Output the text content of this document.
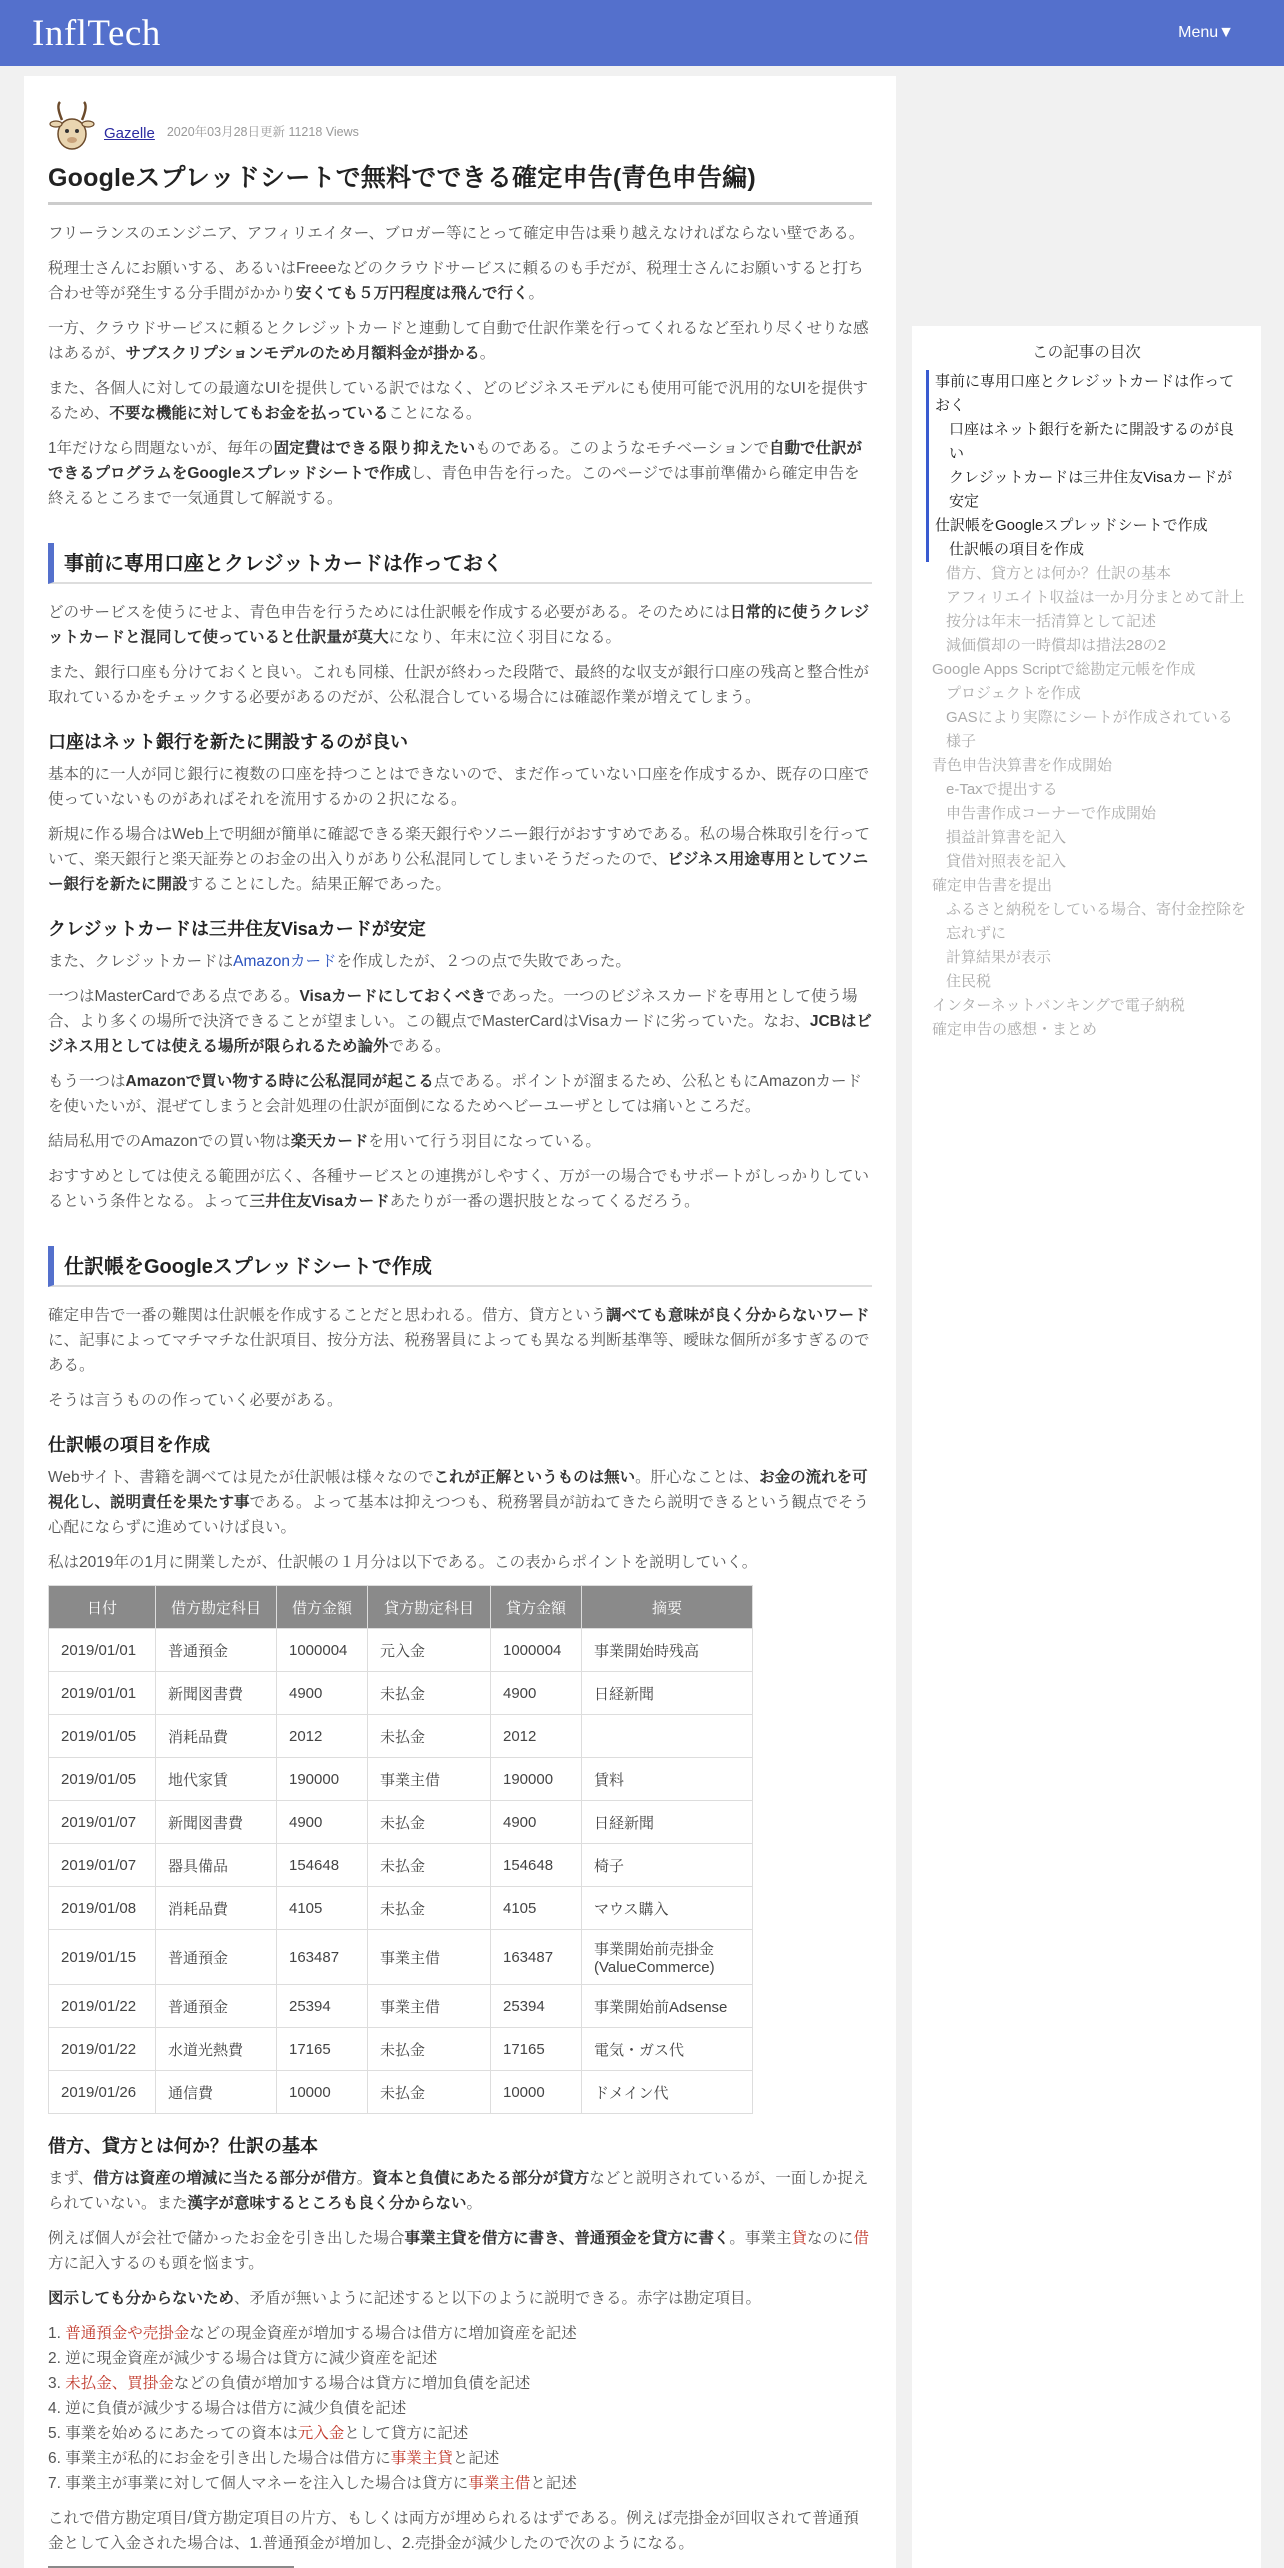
InflTech	Menu▼
Gazelle 2020年03月28日更新 11218 Views
Googleスプレッドシートで無料でできる確定申告(青色申告編)

フリーランスのエンジニア、アフィリエイター、ブロガー等にとって確定申告は乗り越えなければならない壁である。

税理士さんにお願いする、あるいはFreeeなどのクラウドサービスに頼るのも手だが、税理士さんにお願いすると打ち合わせ等が発生する分手間がかかり安くても５万円程度は飛んで行く。

一方、クラウドサービスに頼るとクレジットカードと連動して自動で仕訳作業を行ってくれるなど至れり尽くせりな感はあるが、サブスクリプションモデルのため月額料金が掛かる。

また、各個人に対しての最適なUIを提供している訳ではなく、どのビジネスモデルにも使用可能で汎用的なUIを提供するため、不要な機能に対してもお金を払っていることになる。

1年だけなら問題ないが、毎年の固定費はできる限り抑えたいものである。このようなモチベーションで自動で仕訳ができるプログラムをGoogleスプレッドシートで作成し、青色申告を行った。このページでは事前準備から確定申告を終えるところまで一気通貫して解説する。

事前に専用口座とクレジットカードは作っておく

どのサービスを使うにせよ、青色申告を行うためには仕訳帳を作成する必要がある。そのためには日常的に使うクレジットカードと混同して使っていると仕訳量が莫大になり、年末に泣く羽目になる。

また、銀行口座も分けておくと良い。これも同様、仕訳が終わった段階で、最終的な収支が銀行口座の残高と整合性が取れているかをチェックする必要があるのだが、公私混合している場合には確認作業が増えてしまう。

口座はネット銀行を新たに開設するのが良い

基本的に一人が同じ銀行に複数の口座を持つことはできないので、まだ作っていない口座を作成するか、既存の口座で使っていないものがあればそれを流用するかの２択になる。

新規に作る場合はWeb上で明細が簡単に確認できる楽天銀行やソニー銀行がおすすめである。私の場合株取引を行っていて、楽天銀行と楽天証券とのお金の出入りがあり公私混同してしまいそうだったので、ビジネス用途専用としてソニー銀行を新たに開設することにした。結果正解であった。

クレジットカードは三井住友Visaカードが安定

また、クレジットカードはAmazonカードを作成したが、２つの点で失敗であった。

一つはMasterCardである点である。Visaカードにしておくべきであった。一つのビジネスカードを専用として使う場合、より多くの場所で決済できることが望ましい。この観点でMasterCardはVisaカードに劣っていた。なお、JCBはビジネス用としては使える場所が限られるため論外である。

もう一つはAmazonで買い物する時に公私混同が起こる点である。ポイントが溜まるため、公私ともにAmazonカードを使いたいが、混ぜてしまうと会計処理の仕訳が面倒になるためヘビーユーザとしては痛いところだ。

結局私用でのAmazonでの買い物は楽天カードを用いて行う羽目になっている。

おすすめとしては使える範囲が広く、各種サービスとの連携がしやすく、万が一の場合でもサポートがしっかりしているという条件となる。よって三井住友Visaカードあたりが一番の選択肢となってくるだろう。

仕訳帳をGoogleスプレッドシートで作成

確定申告で一番の難関は仕訳帳を作成することだと思われる。借方、貸方という調べても意味が良く分からないワードに、記事によってマチマチな仕訳項目、按分方法、税務署員によっても異なる判断基準等、曖昧な個所が多すぎるのである。

そうは言うものの作っていく必要がある。

仕訳帳の項目を作成

Webサイト、書籍を調べては見たが仕訳帳は様々なのでこれが正解というものは無い。肝心なことは、お金の流れを可視化し、説明責任を果たす事である。よって基本は抑えつつも、税務署員が訪ねてきたら説明できるという観点でそう心配にならずに進めていけば良い。

私は2019年の1月に開業したが、仕訳帳の１月分は以下である。この表からポイントを説明していく。

日付	借方勘定科目	借方金額	貸方勘定科目	貸方金額	摘要
2019/01/01	普通預金	1000004	元入金	1000004	事業開始時残高
2019/01/01	新聞図書費	4900	未払金	4900	日経新聞
2019/01/05	消耗品費	2012	未払金	2012	
2019/01/05	地代家賃	190000	事業主借	190000	賃料
2019/01/07	新聞図書費	4900	未払金	4900	日経新聞
2019/01/07	器具備品	154648	未払金	154648	椅子
2019/01/08	消耗品費	4105	未払金	4105	マウス購入
2019/01/15	普通預金	163487	事業主借	163487	事業開始前売掛金(ValueCommerce)
2019/01/22	普通預金	25394	事業主借	25394	事業開始前Adsense
2019/01/22	水道光熱費	17165	未払金	17165	電気・ガス代
2019/01/26	通信費	10000	未払金	10000	ドメイン代
借方、貸方とは何か？仕訳の基本

まず、借方は資産の増減に当たる部分が借方。資本と負債にあたる部分が貸方などと説明されているが、一面しか捉えられていない。また漢字が意味するところも良く分からない。

例えば個人が会社で儲かったお金を引き出した場合事業主貸を借方に書き、普通預金を貸方に書く。事業主貸なのに借方に記入するのも頭を悩ます。

図示しても分からないため、矛盾が無いように記述すると以下のように説明できる。赤字は勘定項目。

1. 普通預金や売掛金などの現金資産が増加する場合は借方に増加資産を記述

2. 逆に現金資産が減少する場合は貸方に減少資産を記述

3. 未払金、買掛金などの負債が増加する場合は貸方に増加負債を記述

4. 逆に負債が減少する場合は借方に減少負債を記述

5. 事業を始めるにあたっての資本は元入金として貸方に記述

6. 事業主が私的にお金を引き出した場合は借方に事業主貸と記述

7. 事業主が事業に対して個人マネーを注入した場合は貸方に事業主借と記述

これで借方勘定項目/貸方勘定項目の片方、もしくは両方が埋められるはずである。例えば売掛金が回収されて普通預金として入金された場合は、1.普通預金が増加し、2.売掛金が減少したので次のようになる。

この記事の目次
事前に専用口座とクレジットカードは作っておく
口座はネット銀行を新たに開設するのが良い
クレジットカードは三井住友Visaカードが安定
仕訳帳をGoogleスプレッドシートで作成
仕訳帳の項目を作成
借方、貸方とは何か？仕訳の基本
アフィリエイト収益は一か月分まとめて計上
按分は年末一括清算として記述
減価償却の一時償却は措法28の2
Google Apps Scriptで総勘定元帳を作成
プロジェクトを作成
GASにより実際にシートが作成されている様子
青色申告決算書を作成開始
e-Taxで提出する
申告書作成コーナーで作成開始
損益計算書を記入
貸借対照表を記入
確定申告書を提出
ふるさと納税をしている場合、寄付金控除を忘れずに
計算結果が表示
住民税
インターネットバンキングで電子納税
確定申告の感想・まとめ
